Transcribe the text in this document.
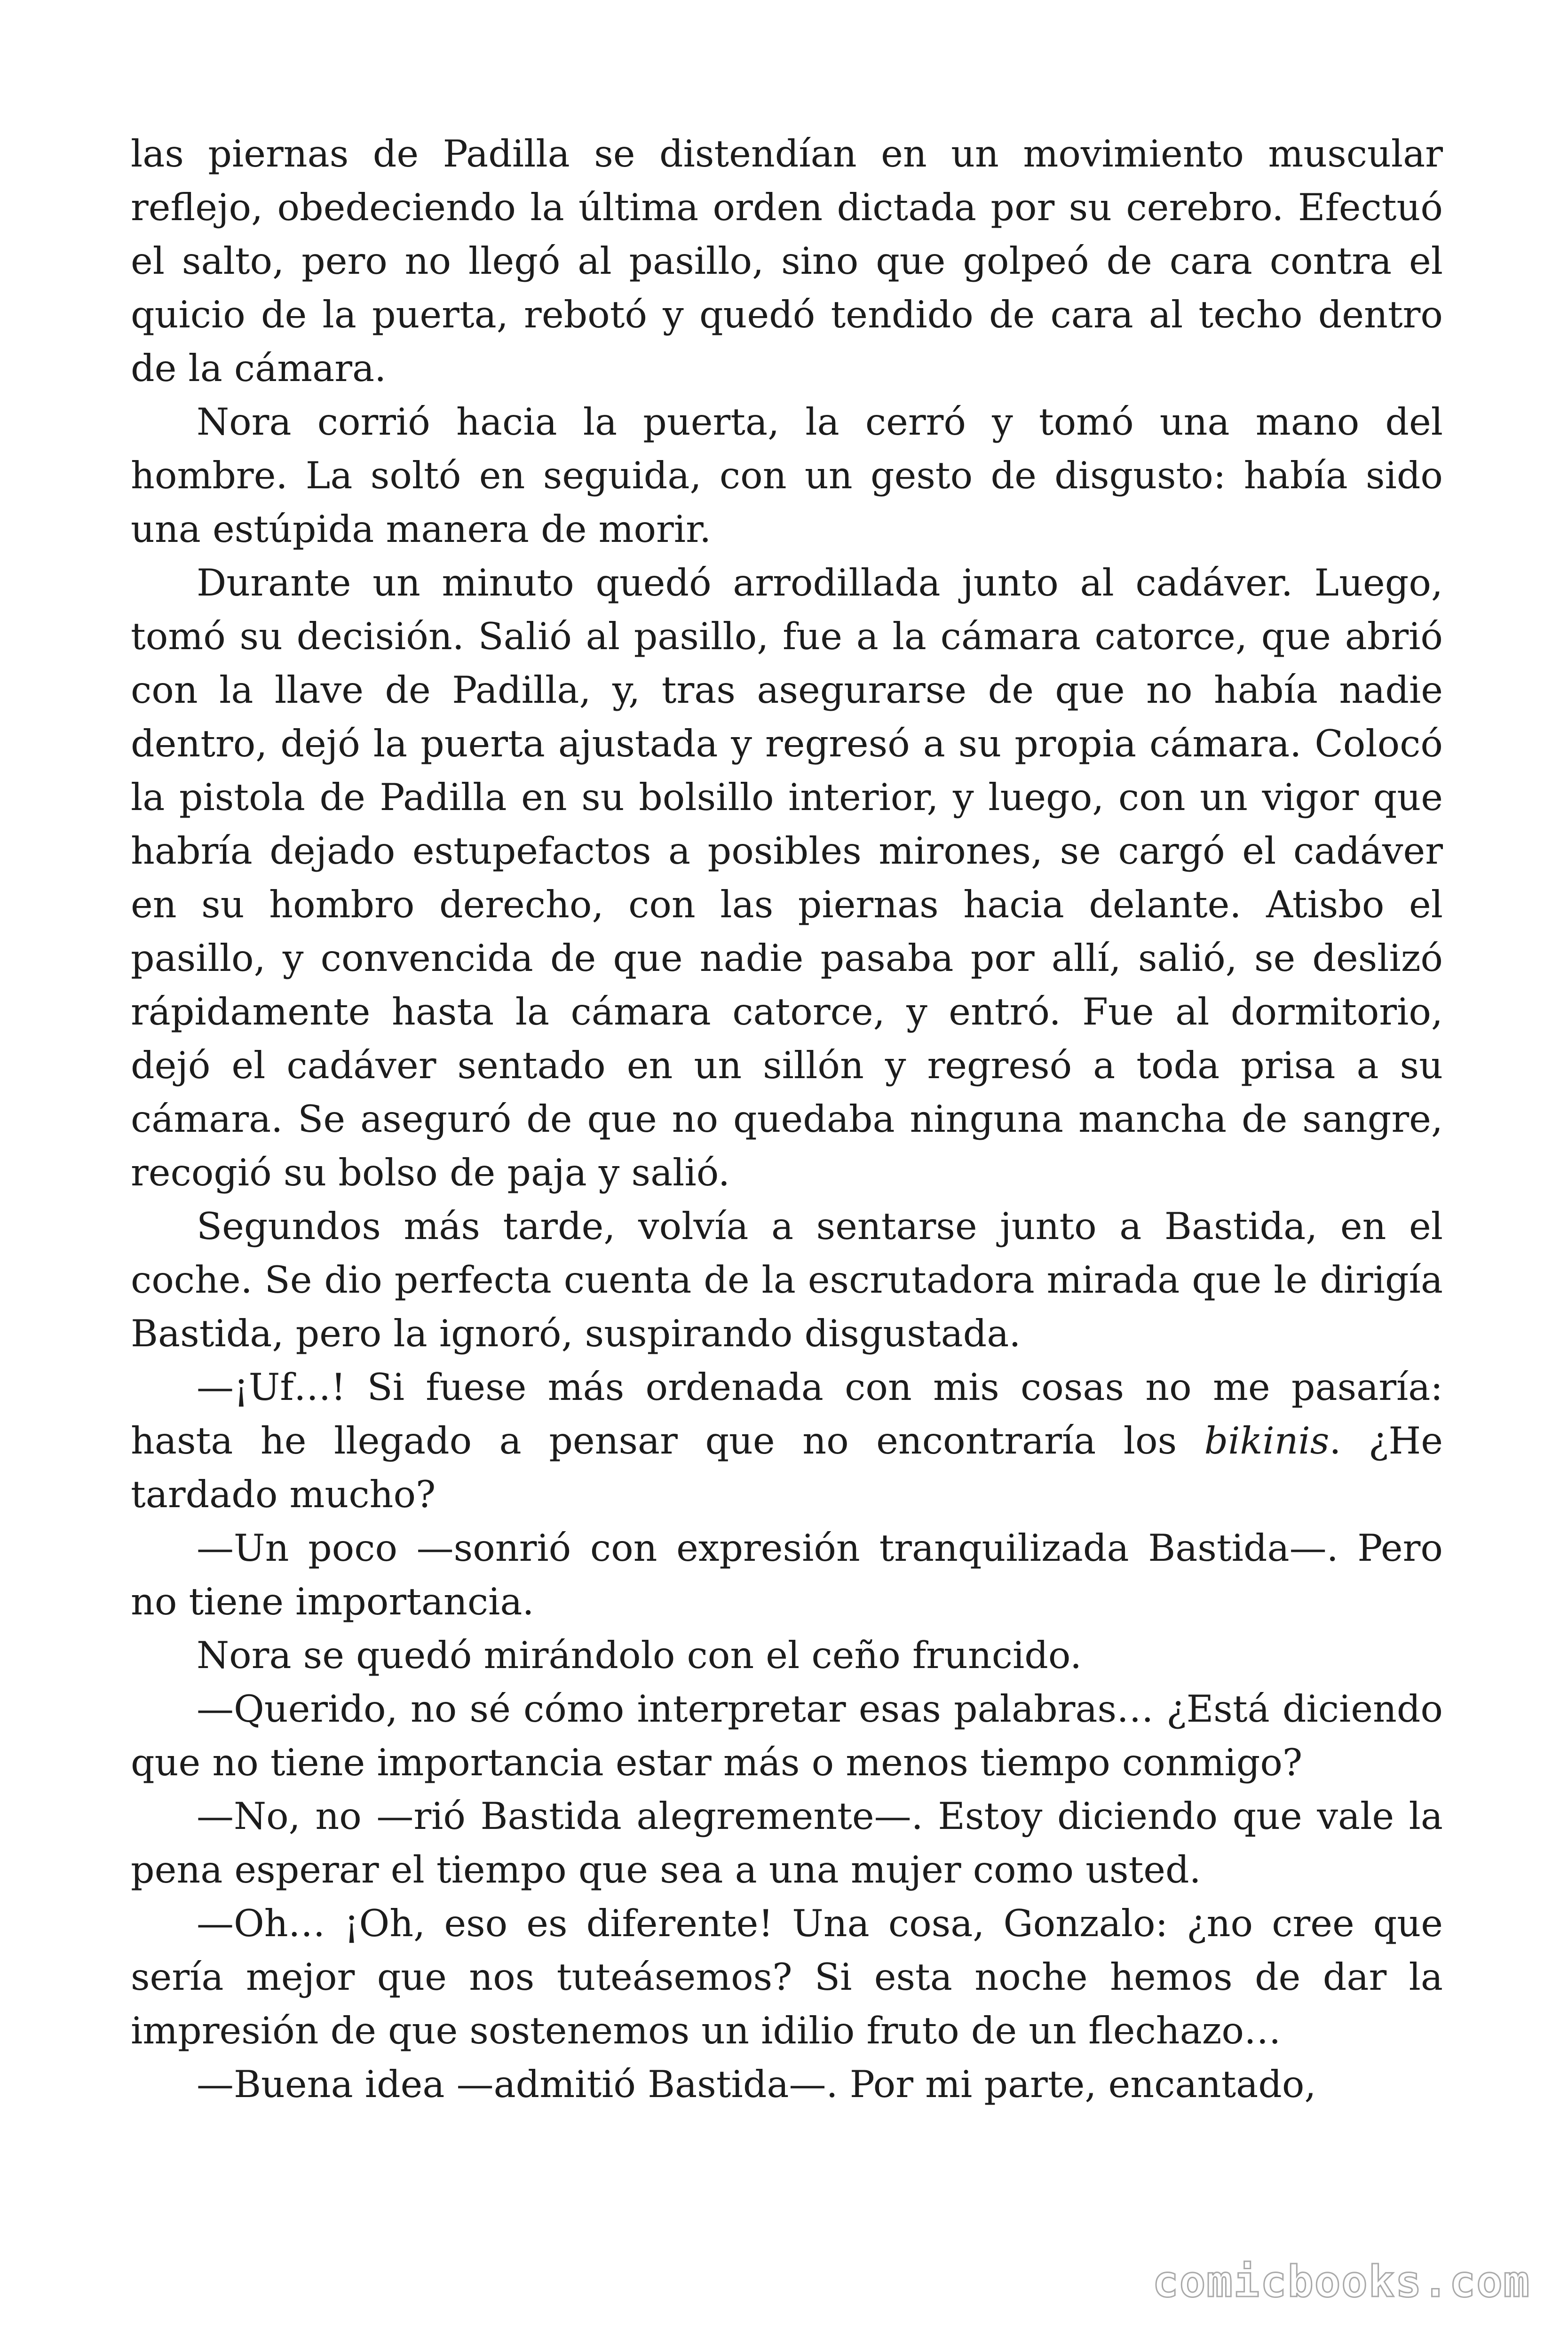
las piernas de Padilla se distendían en un movimiento muscular reflejo, obedeciendo la última orden dictada por su cerebro. Efectuó el salto, pero no llegó al pasillo, sino que golpeó de cara contra el quicio de la puerta, rebotó y quedó tendido de cara al techo dentro de la cámara.

Nora corrió hacia la puerta, la cerró y tomó una mano del hombre. La soltó en seguida, con un gesto de disgusto: había sido una estúpida manera de morir.

Durante un minuto quedó arrodillada junto al cadáver. Luego, tomó su decisión. Salió al pasillo, fue a la cámara catorce, que abrió con la llave de Padilla, y, tras asegurarse de que no había nadie dentro, dejó la puerta ajustada y regresó a su propia cámara. Colocó la pistola de Padilla en su bolsillo interior, y luego, con un vigor que habría dejado estupefactos a posibles mirones, se cargó el cadáver en su hombro derecho, con las piernas hacia delante. Atisbo el pasillo, y convencida de que nadie pasaba por allí, salió, se deslizó rápidamente hasta la cámara catorce, y entró. Fue al dormitorio, dejó el cadáver sentado en un sillón y regresó a toda prisa a su cámara. Se aseguró de que no quedaba ninguna mancha de sangre, recogió su bolso de paja y salió.

Segundos más tarde, volvía a sentarse junto a Bastida, en el coche. Se dio perfecta cuenta de la escrutadora mirada que le dirigía Bastida, pero la ignoró, suspirando disgustada.

—¡Uf…! Si fuese más ordenada con mis cosas no me pasaría: hasta he llegado a pensar que no encontraría los bikinis. ¿He tardado mucho?

—Un poco —sonrió con expresión tranquilizada Bastida—. Pero no tiene importancia.

Nora se quedó mirándolo con el ceño fruncido.

—Querido, no sé cómo interpretar esas palabras… ¿Está diciendo que no tiene importancia estar más o menos tiempo conmigo?

—No, no —rió Bastida alegremente—. Estoy diciendo que vale la pena esperar el tiempo que sea a una mujer como usted.

—Oh… ¡Oh, eso es diferente! Una cosa, Gonzalo: ¿no cree que sería mejor que nos tuteásemos? Si esta noche hemos de dar la impresión de que sostenemos un idilio fruto de un flechazo…

—Buena idea —admitió Bastida—. Por mi parte, encantado,

comicbooks.com
